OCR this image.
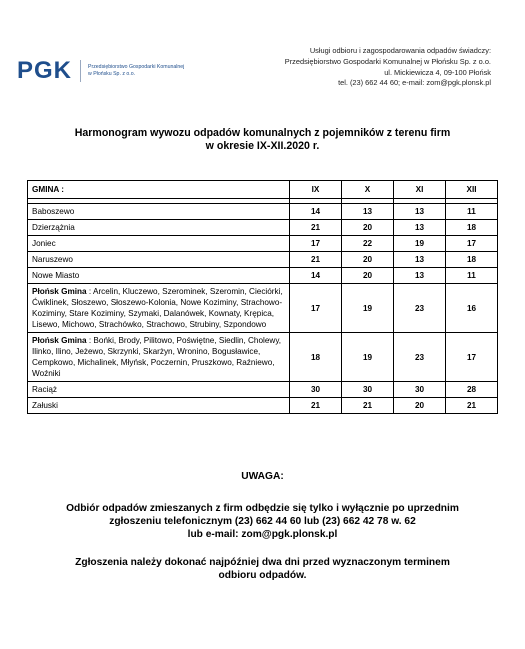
PGK	Przedsiębiorstwo Gospodarki Komunalnej
w Płońsku Sp. z o.o.
Usługi odbioru i zagospodarowania odpadów świadczy:
Przedsiębiorstwo Gospodarki Komunalnej w Płońsku Sp. z o.o.
ul. Mickiewicza 4, 09-100 Płońsk
tel. (23) 662 44 60; e-mail: zom@pgk.plonsk.pl
Harmonogram wywozu odpadów komunalnych z pojemników z terenu firm
w okresie IX-XII.2020 r.
GMINA :	IX	X	XI	XII

Baboszewo	14	13	13	11
Dzierzążnia	21	20	13	18
Joniec	17	22	19	17
Naruszewo	21	20	13	18
Nowe Miasto	14	20	13	11
Płońsk Gmina : Arcelin, Kluczewo, Szerominek, Szeromin, Cieciórki, Ćwiklinek, Słoszewo, Słoszewo-Kolonia, Nowe Koziminy, Strachowo-Koziminy, Stare Koziminy, Szymaki, Dalanówek, Kownaty, Krępica, Lisewo, Michowo, Strachówko, Strachowo, Strubiny, Szpondowo	17	19	23	16
Płońsk Gmina : Bońki, Brody, Pilitowo, Poświętne, Siedlin, Cholewy, Ilinko, Ilino, Jeżewo, Skrzynki, Skarżyn, Wronino, Bogusławice, Cempkowo, Michalinek, Młyńsk, Poczernin, Pruszkowo, Raźniewo, Woźniki	18	19	23	17
Raciąż	30	30	30	28
Załuski	21	21	20	21
UWAGA:
Odbiór odpadów zmieszanych z firm odbędzie się tylko i wyłącznie po uprzednim
zgłoszeniu telefonicznym (23) 662 44 60 lub (23) 662 42 78 w. 62
lub e-mail: zom@pgk.plonsk.pl
Zgłoszenia należy dokonać najpóźniej dwa dni przed wyznaczonym terminem
odbioru odpadów.
